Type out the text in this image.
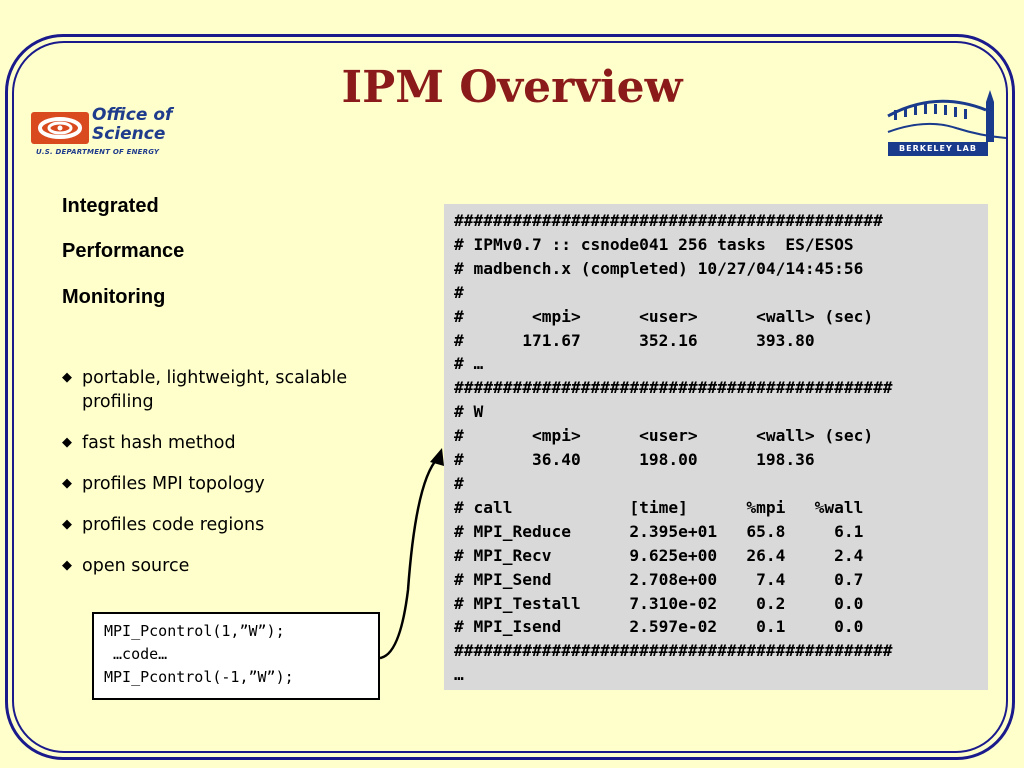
IPM Overview
Office of
Science
U.S. DEPARTMENT OF ENERGY	BERKELEY LAB
Integrated
Performance
Monitoring
◆ portable, lightweight, scalable profiling
◆ fast hash method
◆ profiles MPI topology
◆ profiles code regions
◆ open source
MPI_Pcontrol(1,”W”);
…code…
MPI_Pcontrol(-1,”W”);
############################################
# IPMv0.7 :: csnode041 256 tasks  ES/ESOS
# madbench.x (completed) 10/27/04/14:45:56
#
#       <mpi>      <user>      <wall> (sec)
#      171.67      352.16      393.80
# …
#############################################
# W
#       <mpi>      <user>      <wall> (sec)
#       36.40      198.00      198.36
#
# call            [time]      %mpi   %wall
# MPI_Reduce      2.395e+01   65.8     6.1
# MPI_Recv        9.625e+00   26.4     2.4
# MPI_Send        2.708e+00    7.4     0.7
# MPI_Testall     7.310e-02    0.2     0.0
# MPI_Isend       2.597e-02    0.1     0.0
#############################################
…
